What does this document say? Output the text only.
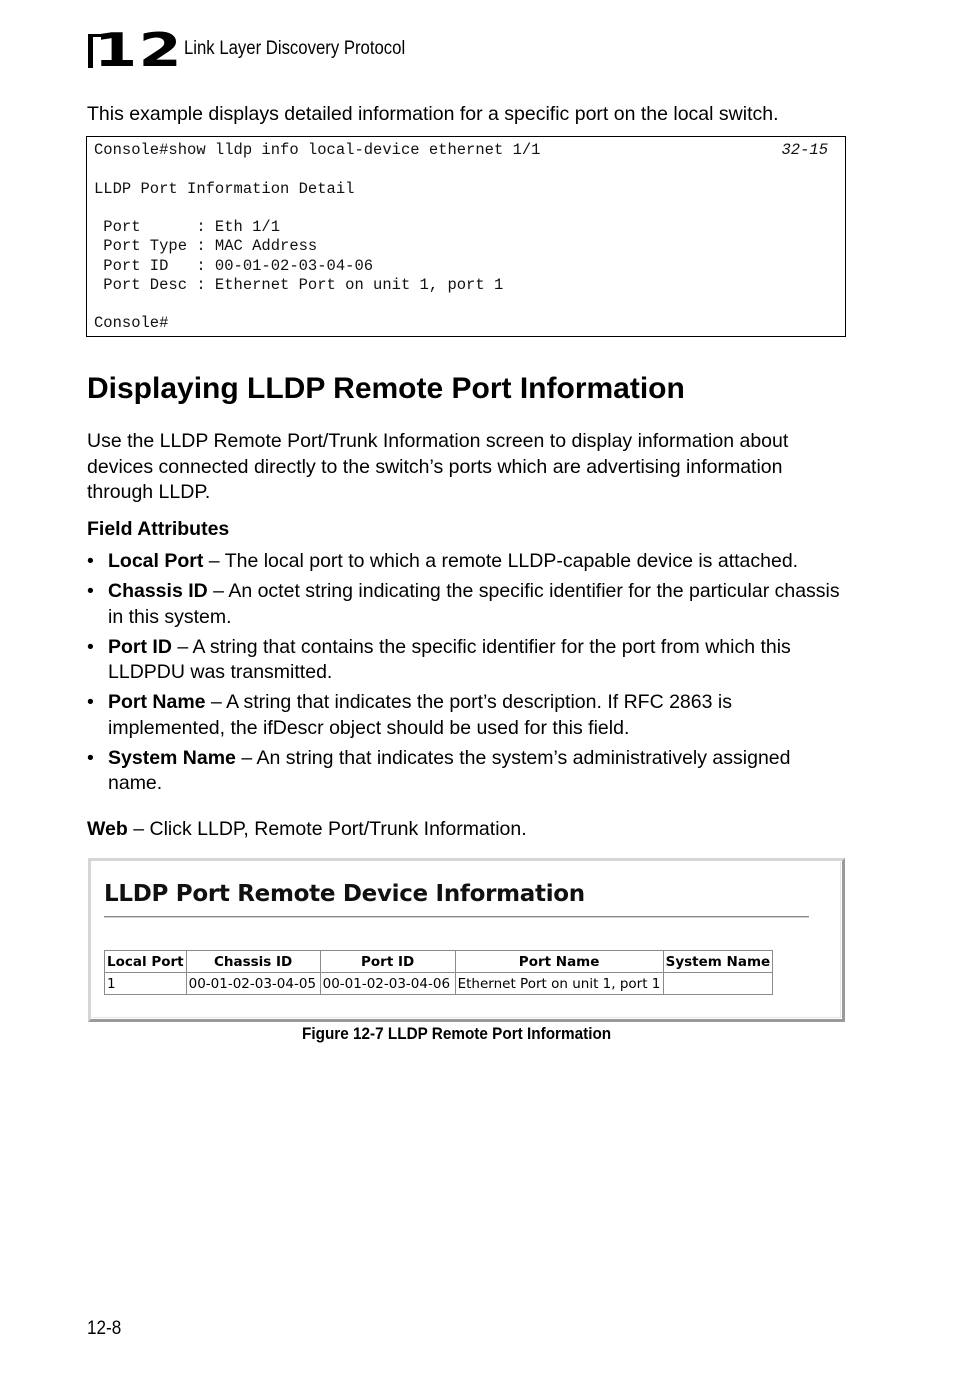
12 Link Layer Discovery Protocol

This example displays detailed information for a specific port on the local switch.

Console#show lldp info local-device ethernet 1/1	32-15
LLDP Port Information Detail
Port      : Eth 1/1
Port Type : MAC Address
Port ID   : 00-01-02-03-04-06
Port Desc : Ethernet Port on unit 1, port 1
Console#
Displaying LLDP Remote Port Information

Use the LLDP Remote Port/Trunk Information screen to display information about devices connected directly to the switch’s ports which are advertising information through LLDP.

Field Attributes

• Local Port – The local port to which a remote LLDP-capable device is attached.
• Chassis ID – An octet string indicating the specific identifier for the particular chassis in this system.
• Port ID – A string that contains the specific identifier for the port from which this LLDPDU was transmitted.
• Port Name – A string that indicates the port’s description. If RFC 2863 is implemented, the ifDescr object should be used for this field.
• System Name – An string that indicates the system’s administratively assigned name.

Web – Click LLDP, Remote Port/Trunk Information.

LLDP Port Remote Device Information
Local Port	Chassis ID	Port ID	Port Name	System Name
1	00-01-02-03-04-05	00-01-02-03-04-06	Ethernet Port on unit 1, port 1	

Figure 12-7 LLDP Remote Port Information

12-8
